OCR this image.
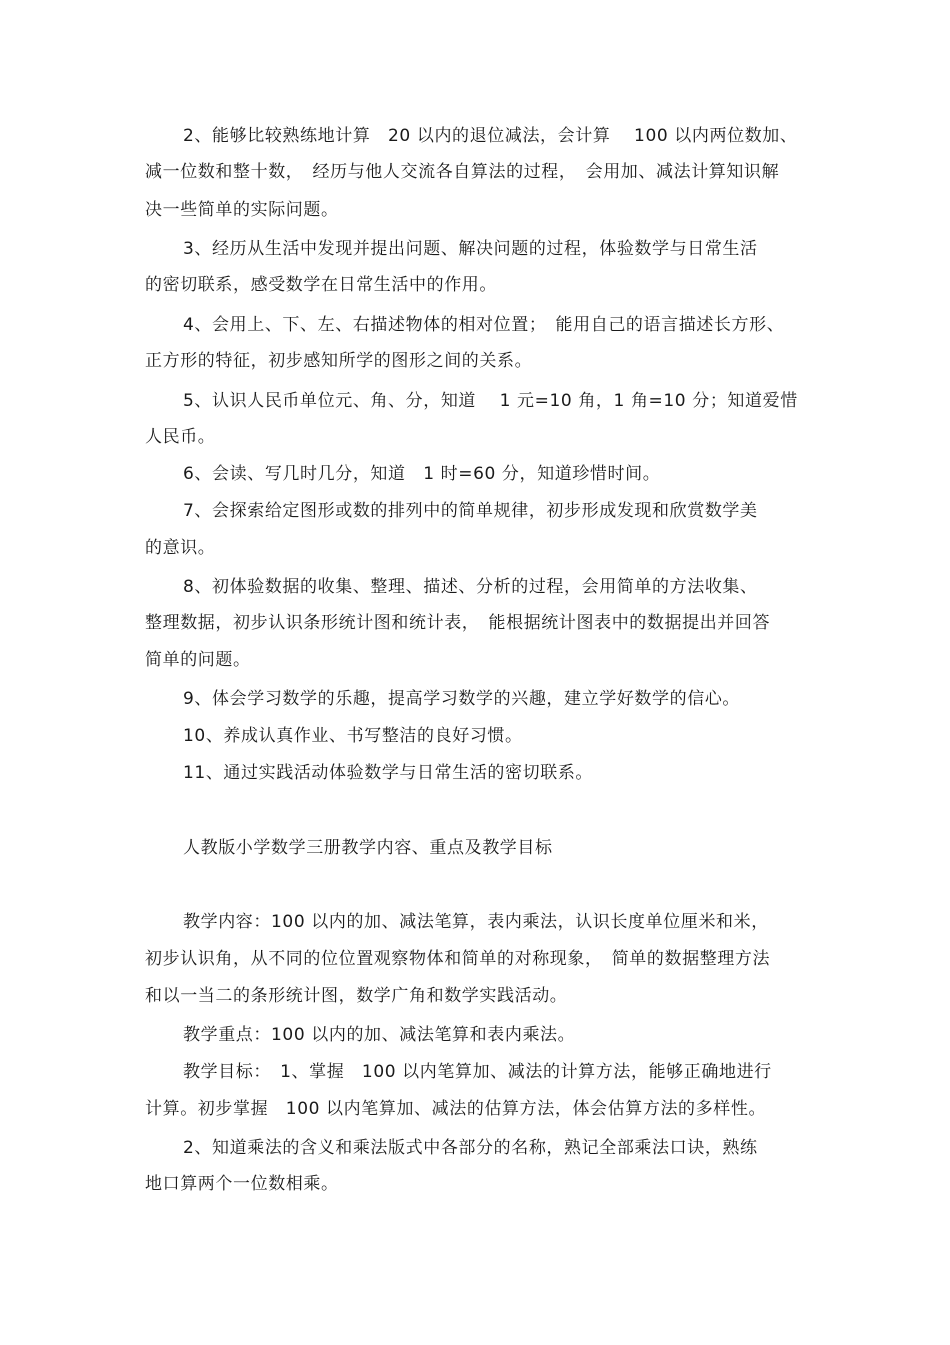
2、能够比较熟练地计算　20 以内的退位减法，会计算　 100 以内两位数加、
减一位数和整十数，　经历与他人交流各自算法的过程，　会用加、减法计算知识解
决一些简单的实际问题。
3、经历从生活中发现并提出问题、解决问题的过程，体验数学与日常生活
的密切联系，感受数学在日常生活中的作用。
4、会用上、下、左、右描述物体的相对位置；　能用自己的语言描述长方形、
正方形的特征，初步感知所学的图形之间的关系。
5、认识人民币单位元、角、分，知道　 1 元=10 角，1 角=10 分；知道爱惜
人民币。
6、会读、写几时几分，知道　1 时=60 分，知道珍惜时间。
7、会探索给定图形或数的排列中的简单规律，初步形成发现和欣赏数学美
的意识。
8、初体验数据的收集、整理、描述、分析的过程，会用简单的方法收集、
整理数据，初步认识条形统计图和统计表，　能根据统计图表中的数据提出并回答
简单的问题。
9、体会学习数学的乐趣，提高学习数学的兴趣，建立学好数学的信心。
10、养成认真作业、书写整洁的良好习惯。
11、通过实践活动体验数学与日常生活的密切联系。
人教版小学数学三册教学内容、重点及教学目标
教学内容：100 以内的加、减法笔算，表内乘法，认识长度单位厘米和米，
初步认识角，从不同的位位置观察物体和简单的对称现象，　简单的数据整理方法
和以一当二的条形统计图，数学广角和数学实践活动。
教学重点：100 以内的加、减法笔算和表内乘法。
教学目标：　1、掌握　100 以内笔算加、减法的计算方法，能够正确地进行
计算。初步掌握　100 以内笔算加、减法的估算方法，体会估算方法的多样性。
2、知道乘法的含义和乘法版式中各部分的名称，熟记全部乘法口诀，熟练
地口算两个一位数相乘。
